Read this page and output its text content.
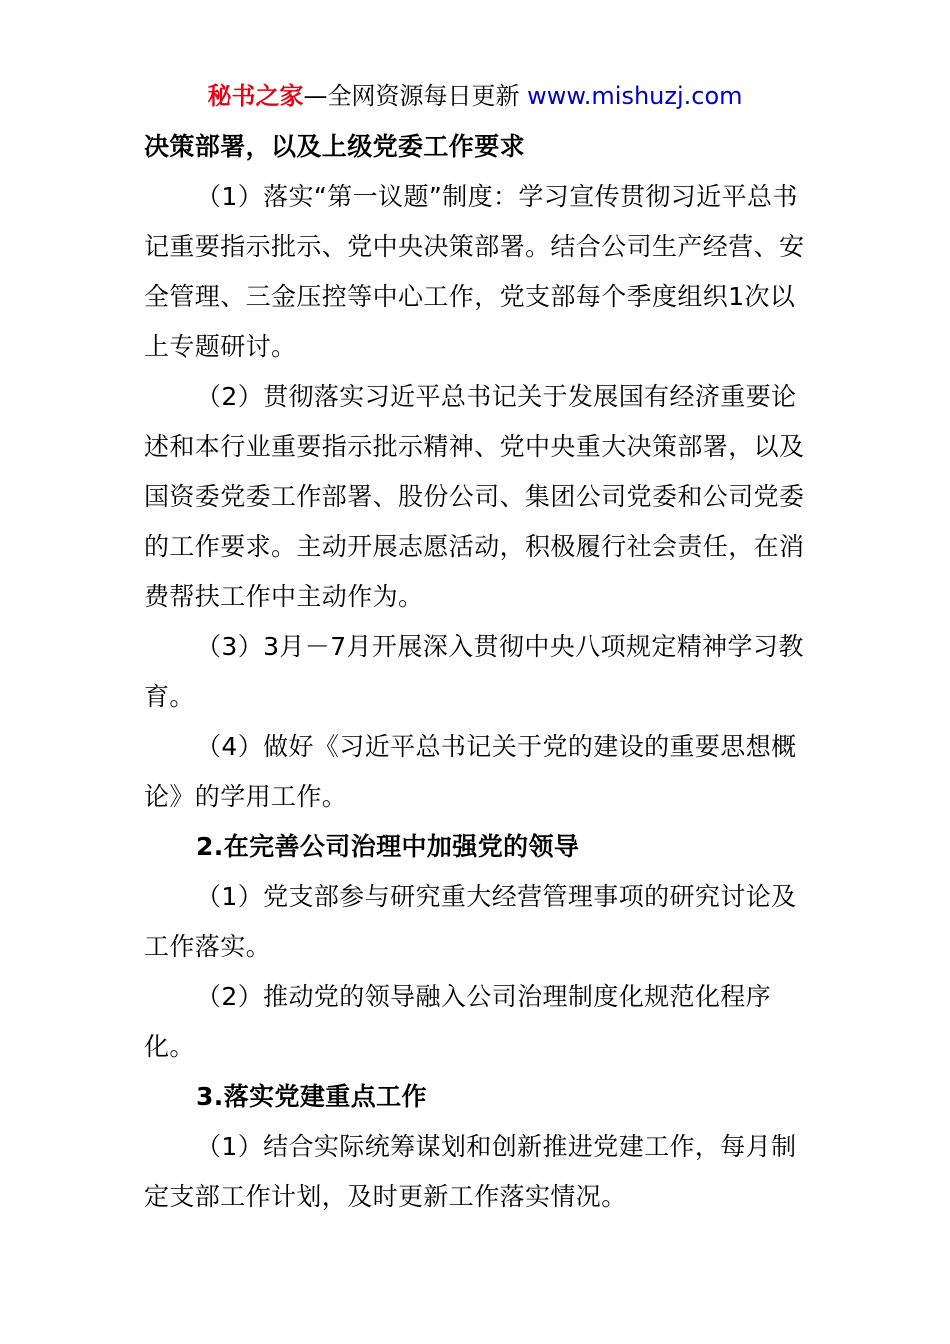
秘书之家—全网资源每日更新 www.mishuzj.com

决策部署，以及上级党委工作要求

（1）落实“第一议题”制度：学习宣传贯彻习近平总书记重要指示批示、党中央决策部署。结合公司生产经营、安全管理、三金压控等中心工作，党支部每个季度组织1次以上专题研讨。

（2）贯彻落实习近平总书记关于发展国有经济重要论述和本行业重要指示批示精神、党中央重大决策部署，以及国资委党委工作部署、股份公司、集团公司党委和公司党委的工作要求。主动开展志愿活动，积极履行社会责任，在消费帮扶工作中主动作为。

（3）3月－7月开展深入贯彻中央八项规定精神学习教育。

（4）做好《习近平总书记关于党的建设的重要思想概论》的学用工作。

2.在完善公司治理中加强党的领导

（1）党支部参与研究重大经营管理事项的研究讨论及工作落实。

（2）推动党的领导融入公司治理制度化规范化程序化。

3.落实党建重点工作

（1）结合实际统筹谋划和创新推进党建工作，每月制定支部工作计划，及时更新工作落实情况。
